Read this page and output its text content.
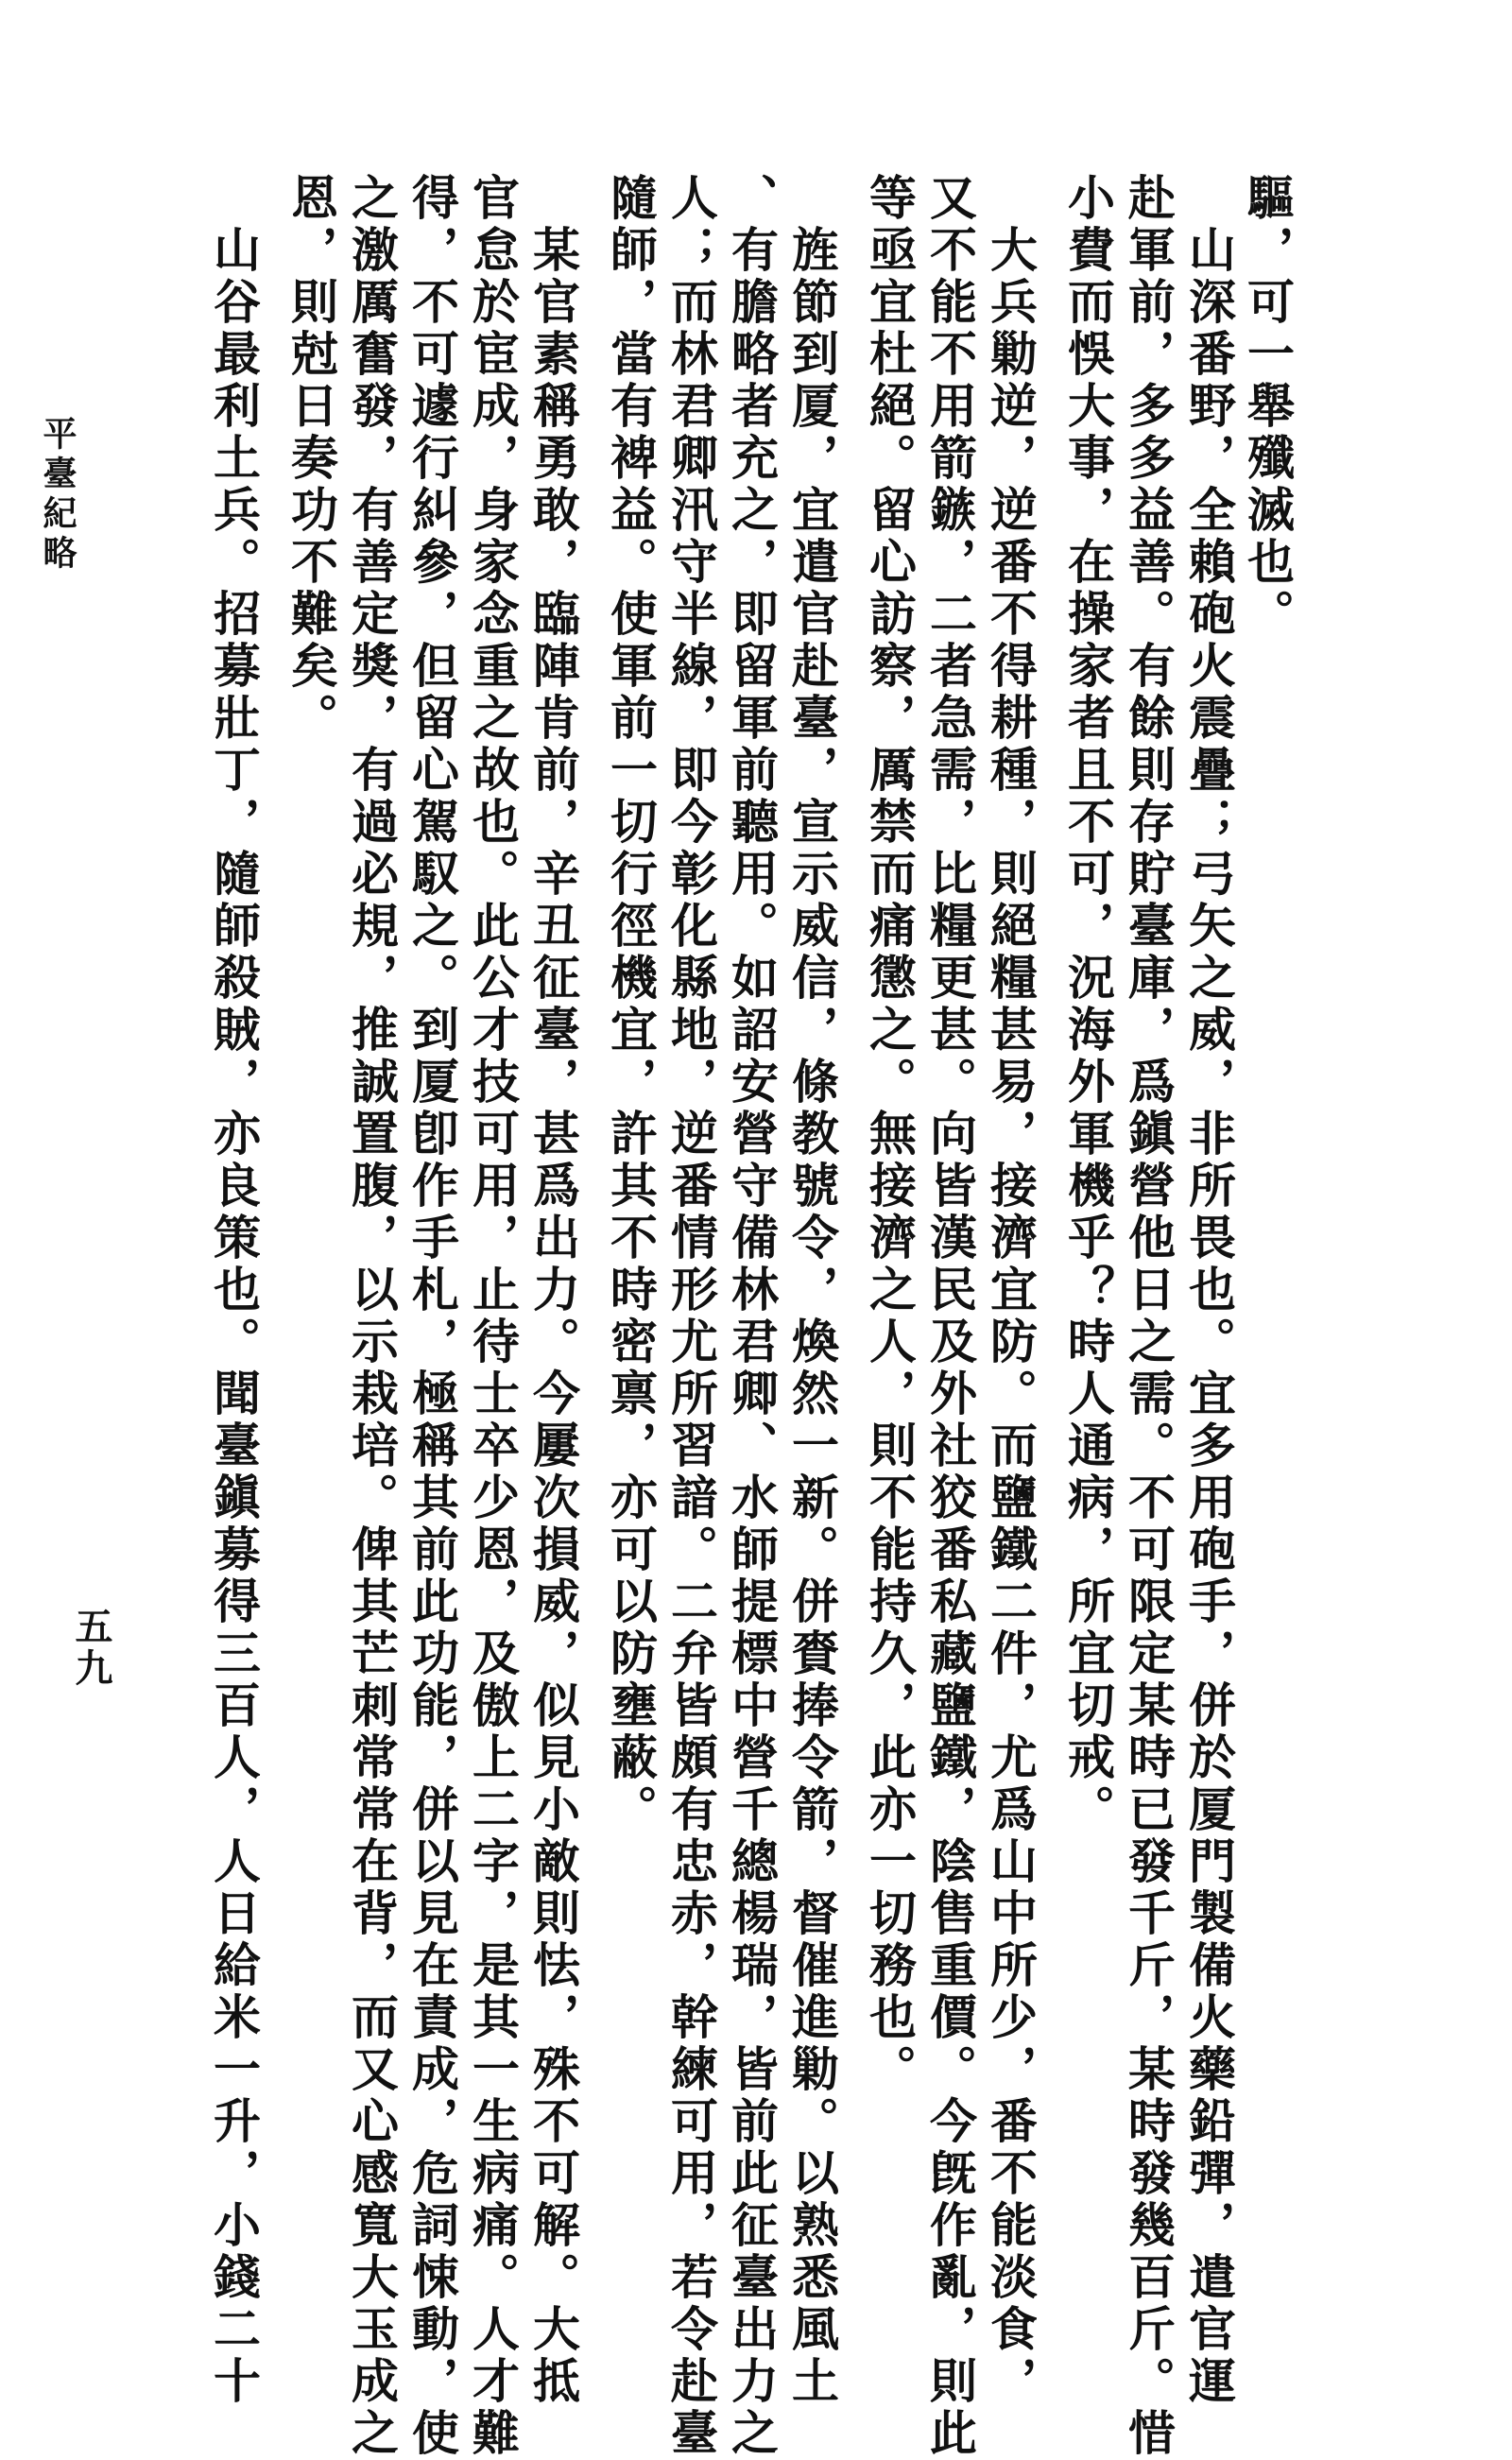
驅，可一舉殲滅也。
　山深番野，全賴砲火震疊；弓矢之威，非所畏也。宜多用砲手，併於厦門製備火藥鉛彈，遣官運
赴軍前，多多益善。有餘則存貯臺庫，爲鎭營他日之需。不可限定某時已發千斤，某時發幾百斤。惜
小費而悞大事，在操家者且不可，況海外軍機乎？時人通病，所宜切戒。
　大兵勦逆，逆番不得耕種，則絕糧甚易，接濟宜防。而鹽鐵二件，尤爲山中所少，番不能淡食，
又不能不用箭鏃，二者急需，比糧更甚。向皆漢民及外社狡番私藏鹽鐵，陰售重價。今旣作亂，則此
等亟宜杜絕。留心訪察，厲禁而痛懲之。無接濟之人，則不能持久，此亦一切務也。
　旌節到厦，宜遣官赴臺，宣示威信，條教號令，煥然一新。併賚捧令箭，督催進勦。以熟悉風土
、有膽略者充之，即留軍前聽用。如詔安營守備林君卿、水師提標中營千總楊瑞，皆前此征臺出力之
人；而林君卿汛守半線，即今彰化縣地，逆番情形尤所習諳。二弁皆頗有忠赤，幹練可用，若令赴臺
隨師，當有裨益。使軍前一切行徑機宜，許其不時密禀，亦可以防壅蔽。
　某官素稱勇敢，臨陣肯前，辛丑征臺，甚爲出力。今屢次損威，似見小敵則怯，殊不可解。大抵
官怠於宦成，身家念重之故也。此公才技可用，止待士卒少恩，及傲上二字，是其一生病痛。人才難
得，不可遽行糾參，但留心駕馭之。到厦卽作手札，極稱其前此功能，併以見在責成，危詞悚動，使
之激厲奮發，有善定獎，有過必規，推誠置腹，以示栽培。俾其芒刺常常在背，而又心感寬大玉成之
恩，則尅日奏功不難矣。
　山谷最利土兵。招募壯丁，隨師殺賊，亦良策也。聞臺鎭募得三百人，人日給米一升，小錢二十
平臺紀略
五九
